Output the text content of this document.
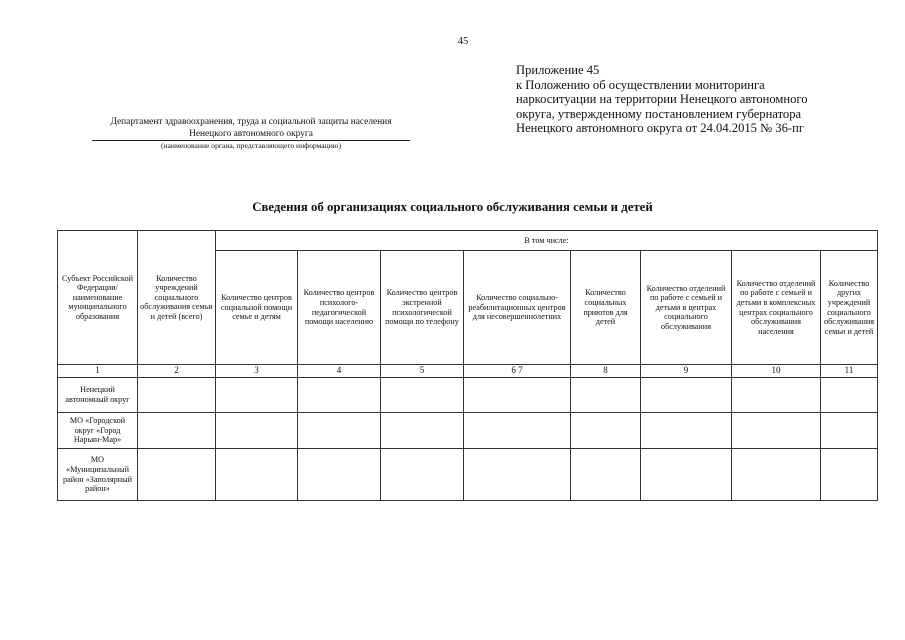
45
Приложение 45
к Положению об осуществлении мониторинга
наркоситуации на территории Ненецкого автономного
округа, утвержденному постановлением губернатора
Ненецкого автономного округа от 24.04.2015 № 36-пг
Департамент здравоохранения, труда и социальной защиты населения
Ненецкого автономного округа
(наименование органа, представляющего информацию)
Сведения об организациях социального обслуживания семьи и детей
Субъект Российской Федерации/ наименование муниципального образования	Количество учреждений социального обслуживания семьи и детей (всего)	В том числе:							
		Количество центров социальной помощи семье и детям	Количество центров психолого-педагогической помощи населению	Количество центров экстренной психологической помощи по телефону	Количество социально-реабилитационных центров для несовершеннолетних	Количество социальных приютов для детей	Количество отделений по работе с семьей и детьми в центрах социального обслуживания	Количество отделений по работе с семьей и детьми в комплексных центрах социального обслуживания населения	Количество других учреждений социального обслуживания семьи и детей
1	2	3	4	5	6 7	8	9	10	11
Ненецкий автономный округ									
МО «Городской округ «Город Нарьян-Мар»									
МО «Муниципальный район «Заполярный район»									
